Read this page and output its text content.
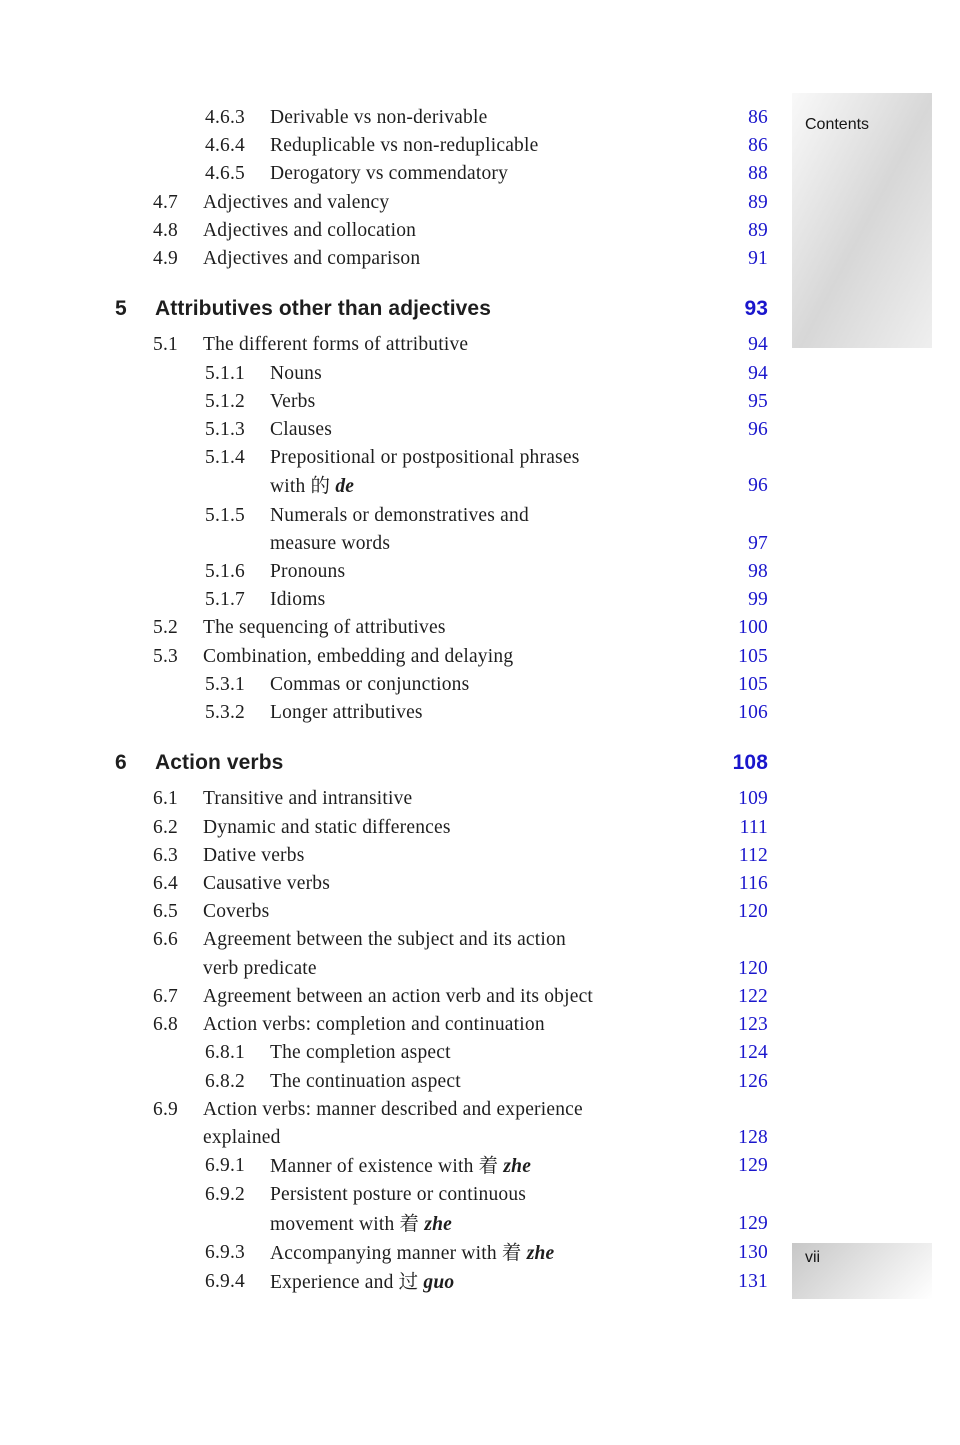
Contents
4.6.3	Derivable vs non-derivable	86
4.6.4	Reduplicable vs non-reduplicable	86
4.6.5	Derogatory vs commendatory	88
4.7	Adjectives and valency	89
4.8	Adjectives and collocation	89
4.9	Adjectives and comparison	91
5	Attributives other than adjectives	93
5.1	The different forms of attributive	94
5.1.1	Nouns	94
5.1.2	Verbs	95
5.1.3	Clauses	96
5.1.4	Prepositional or postpositional phrases
with 的 de	96
5.1.5	Numerals or demonstratives and
measure words	97
5.1.6	Pronouns	98
5.1.7	Idioms	99
5.2	The sequencing of attributives	100
5.3	Combination, embedding and delaying	105
5.3.1	Commas or conjunctions	105
5.3.2	Longer attributives	106
6	Action verbs	108
6.1	Transitive and intransitive	109
6.2	Dynamic and static differences	111
6.3	Dative verbs	112
6.4	Causative verbs	116
6.5	Coverbs	120
6.6	Agreement between the subject and its action
verb predicate	120
6.7	Agreement between an action verb and its object	122
6.8	Action verbs: completion and continuation	123
6.8.1	The completion aspect	124
6.8.2	The continuation aspect	126
6.9	Action verbs: manner described and experience
explained	128
6.9.1	Manner of existence with 着 zhe	129
6.9.2	Persistent posture or continuous
movement with 着 zhe	129
6.9.3	Accompanying manner with 着 zhe	130
6.9.4	Experience and 过 guo	131
vii
